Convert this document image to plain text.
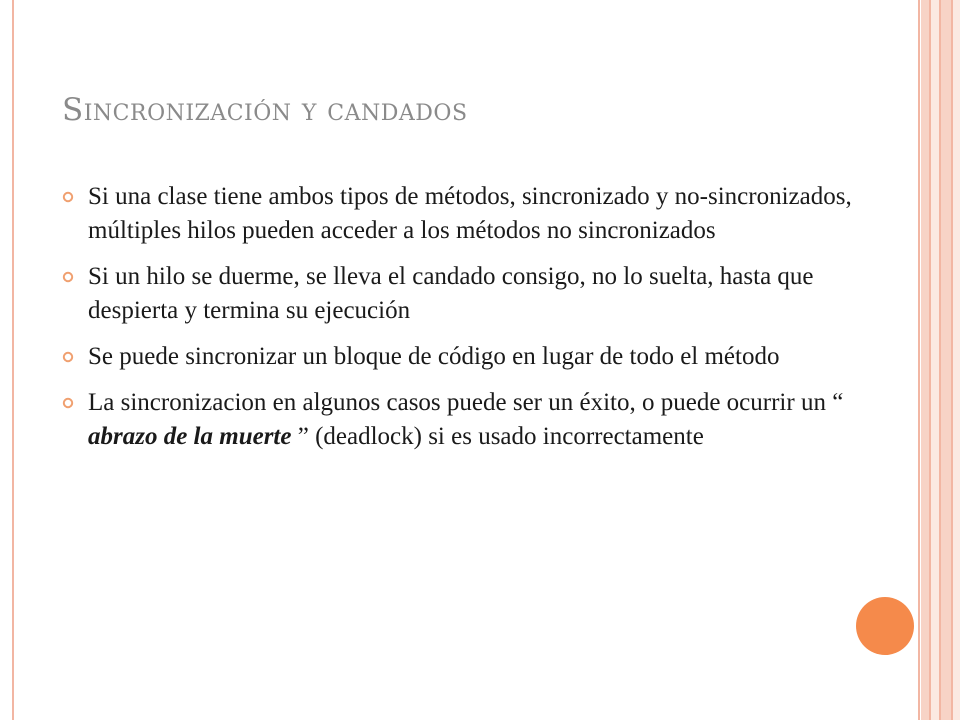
Sincronización y candados
Si una clase tiene ambos tipos de métodos, sincronizado y no-sincronizados, múltiples hilos pueden acceder a los métodos no sincronizados
Si un hilo se duerme, se lleva el candado consigo, no lo suelta, hasta que despierta y termina su ejecución
Se puede sincronizar un bloque de código en lugar de todo el método
La sincronizacion en algunos casos puede ser un éxito, o puede ocurrir un “ abrazo de la muerte ” (deadlock) si es usado incorrectamente
